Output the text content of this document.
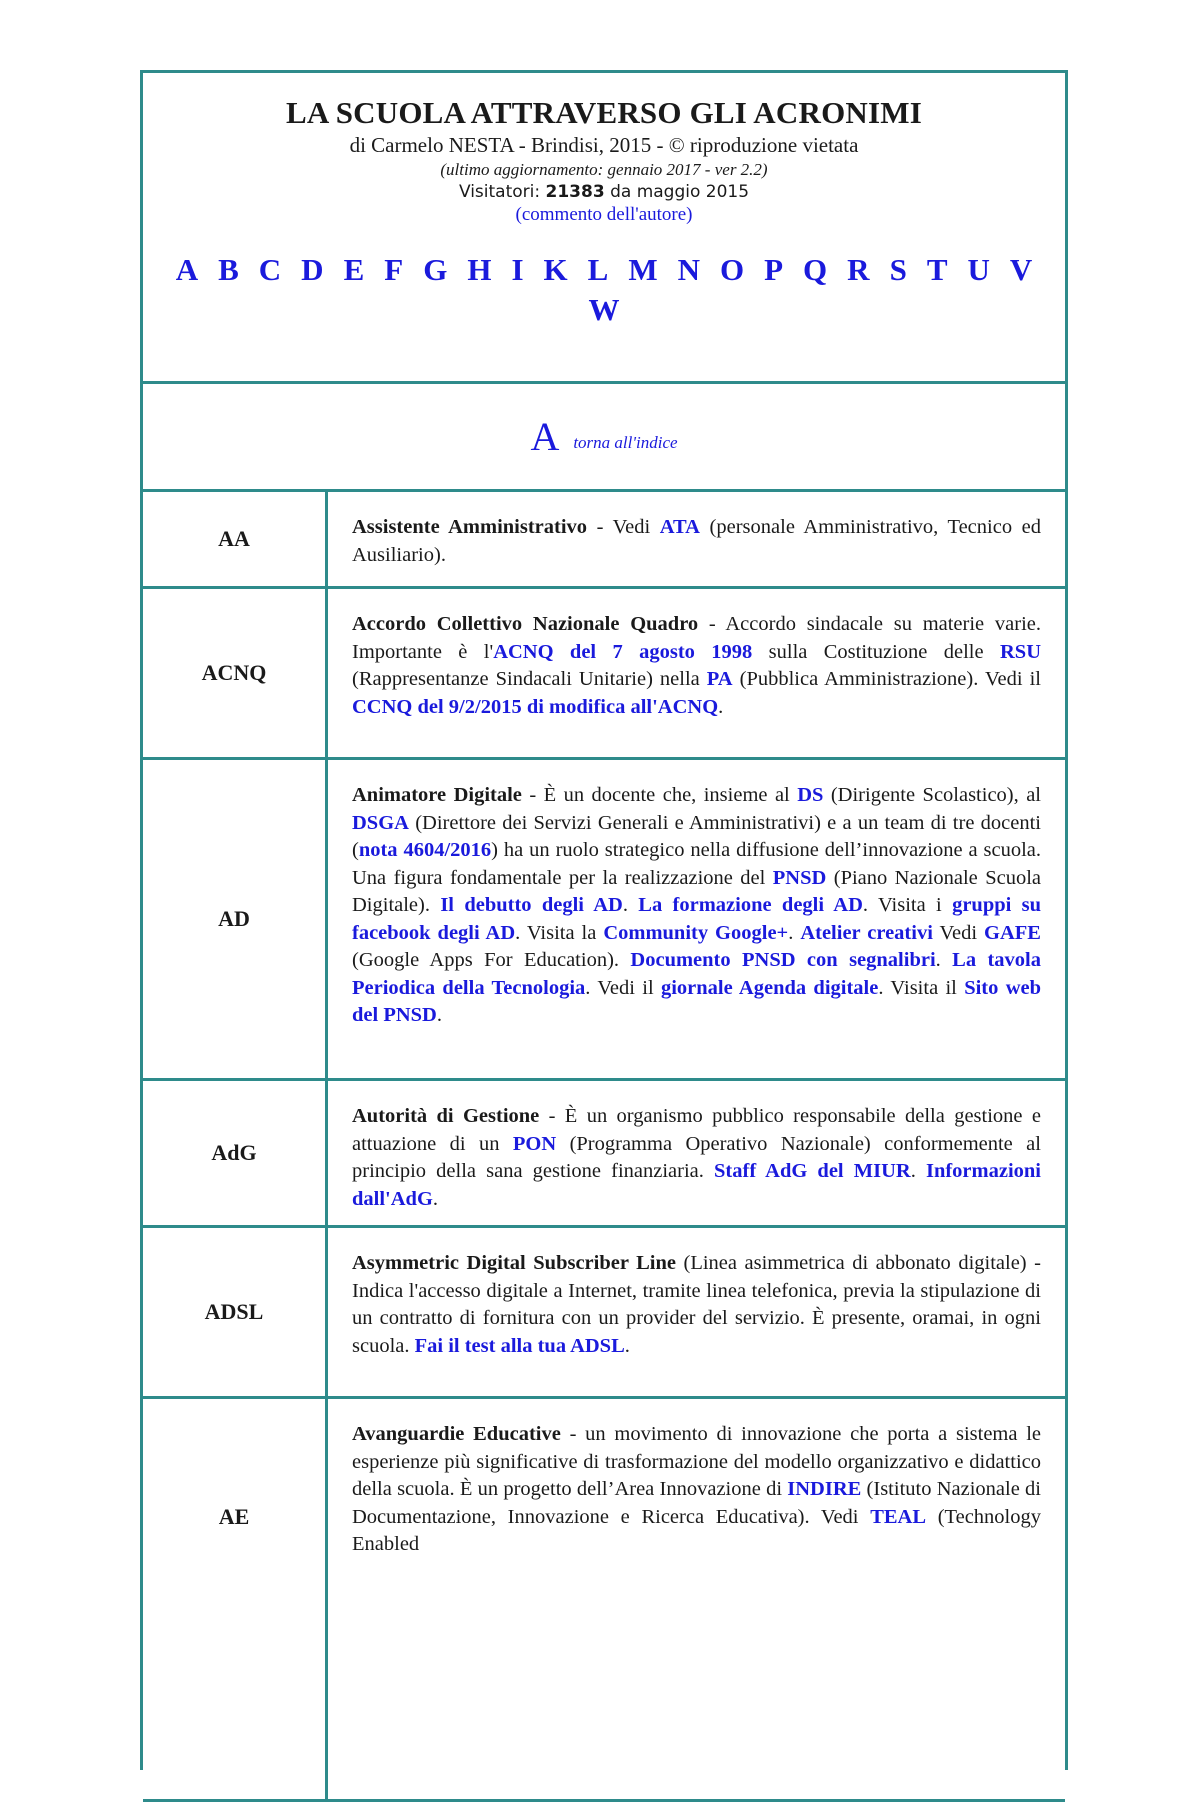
LA SCUOLA ATTRAVERSO GLI ACRONIMI
di Carmelo NESTA - Brindisi, 2015 - © riproduzione vietata
(ultimo aggiornamento: gennaio 2017 - ver 2.2)
Visitatori: 21383 da maggio 2015
(commento dell'autore)
A B C D E F G H I K L M N O P Q R S T U VW
A torna all'indice
AA	Assistente Amministrativo - Vedi ATA (personale Amministrativo, Tecnico ed Ausiliario).
ACNQ
Accordo Collettivo Nazionale Quadro - Accordo sindacale su materie varie. Importante è l'ACNQ del 7 agosto 1998 sulla Costituzione delle RSU (Rappresentanze Sindacali Unitarie) nella PA (Pubblica Amministrazione). Vedi il CCNQ del 9/2/2015 di modifica all'ACNQ.
AD
Animatore Digitale - È un docente che, insieme al DS (Dirigente Scolastico), al DSGA (Direttore dei Servizi Generali e Amministrativi) e a un team di tre docenti (nota 4604/2016) ha un ruolo strategico nella diffusione dell’innovazione a scuola. Una figura fondamentale per la realizzazione del PNSD (Piano Nazionale Scuola Digitale). Il debutto degli AD. La formazione degli AD. Visita i gruppi su facebook degli AD. Visita la Community Google+. Atelier creativi Vedi GAFE (Google Apps For Education). Documento PNSD con segnalibri. La tavola Periodica della Tecnologia. Vedi il giornale Agenda digitale. Visita il Sito web del PNSD.
AdG
Autorità di Gestione - È un organismo pubblico responsabile della gestione e attuazione di un PON (Programma Operativo Nazionale) conformemente al principio della sana gestione finanziaria. Staff AdG del MIUR. Informazioni dall'AdG.
ADSL
Asymmetric Digital Subscriber Line (Linea asimmetrica di abbonato digitale) - Indica l'accesso digitale a Internet, tramite linea telefonica, previa la stipulazione di un contratto di fornitura con un provider del servizio. È presente, oramai, in ogni scuola. Fai il test alla tua ADSL.
AE
Avanguardie Educative - un movimento di innovazione che porta a sistema le esperienze più significative di trasformazione del modello organizzativo e didattico della scuola. È un progetto dell’Area Innovazione di INDIRE (Istituto Nazionale di Documentazione, Innovazione e Ricerca Educativa). Vedi TEAL (Technology Enabled
